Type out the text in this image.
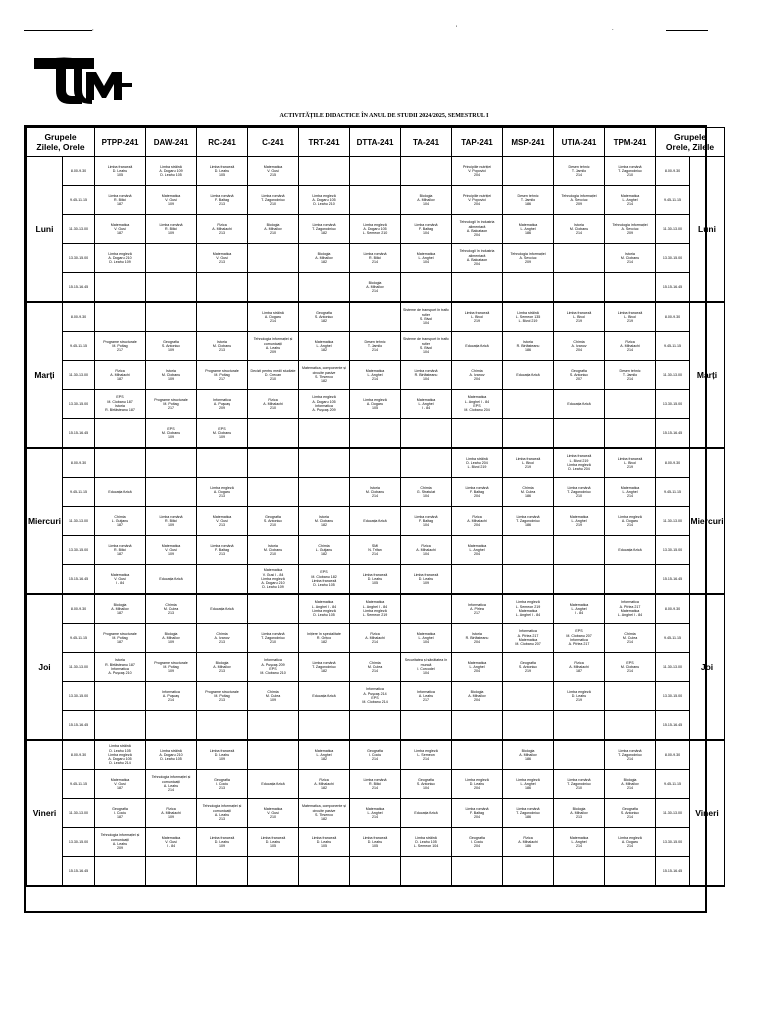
,	'	.
ACTIVITĂȚILE DIDACTICE ÎN ANUL DE STUDII 2024/2025, SEMESTRUL I
Grupele
Zilele, Orele		PTPP-241	DAW-241	RC-241	C-241	TRT-241	DTTA-241	TA-241	TAP-241	MSP-241	UTIA-241	TPM-241	Grupele
Orele, Zilele	

Luni	8.00-9.30	Limba franceză
D. Leahu
105	Limba străină
A. Dogaru 109
D. Leahu 105	Limba franceză
D. Leahu
105	Matematica
V. Gusi
215				Principiile nutriției
V. Popovici
204		Desen tehnic
T. Jamilo
214	Limba română
T. Zagorodniuc
210	8.00-9.30	Luni
	9.45-11.15	Limba română
R. Bilici
187	Matematica
V. Gusi
109	Limba română
F. Baltag
213	Limba română
T. Zagorodniuc
210	Limba engleză
A. Dogaru 105
D. Leahu 210		Biologia
A. Mihailov
104	Principiile nutriției
V. Popovici
204	Desen tehnic
T. Jamilo
186	Tehnologia informației
A. Sevciuc
209	Matematica
L. Anghel
214	9.45-11.15	
	11.30-13.00	Matematica
V. Gusi
187	Limba română
R. Bilici
109	Fizica
A. Mihalachi
213	Biologia
A. Mihailov
210	Limba română
T. Zagorodniuc
182	Limba engleză
A. Dogaru 105
L. Semeon 210	Limba română
F. Baltag
104	Tehnologii în industria alimentară
A. Balcataon
204	Matematica
L. Anghel
186	Istoria
M. Ciobanu
214	Tehnologia informației
A. Sevciuc
209	11.30-13.00	
	13.30-15.00	Limba engleză
A. Dogaru 210
D. Leahu 109		Matematica
V. Gusi
213		Biologia
A. Mihailov
182	Limba română
R. Bilici
214	Matematica
L. Anghel
104	Tehnologii în industria alimentară
A. Balcataon
204	Tehnologia informației
A. Sevciuc
209		Istoria
M. Ciobanu
214	13.30-15.00	
	15.15-16.45						Biologia
A. Mihailov
214						15.15-16.45	
Marți	8.00-9.30				Limba străină
A. Dogaru
214	Geografia
S. Antoniuc
182		Sisteme de transport în trafic rutier
S. Bivol
104	Limba franceză
L. Bivol
219	Limba străină
L. Semeon 135
L. Bivol 219	Limba franceză
L. Bivol
219	Limba franceză
L. Bivol
219	8.00-9.30	Marți
	9.45-11.15	Programe structurale
M. Poltag
217	Geografia
S. Antoniuc
109	Istoria
M. Ciobanu
213	Tehnologia informației și comunicații
A. Leahu
209	Matematica
L. Anghel
182	Desen tehnic
T. Jamilo
214	Sisteme de transport în trafic rutier
S. Bivol
104	Educația fizică	Istoria
R. Birtăsteanu
186	Chimia
A. Ivanov
204	Fizica
A. Mihalachi
214	9.45-11.15	
	11.30-13.00	Fizica
A. Mihalachi
187	Istoria
M. Ciobanu
109	Programe structurale
M. Poltag
217	Decizii pentru medii studiate
D. Crecan
210	Matematica, componente și circuite pasive
S. Tirsenco
182	Matematica
L. Anghel
214	Limba română
R. Birtăsteanu
104	Chimia
A. Ivanov
204	Educația fizică	Geografia
S. Antoniuc
207	Desen tehnic
T. Jamilo
214	11.30-13.00	
	13.30-15.00	EPS
M. Ciobanu 187
Istoria
R. Birtăsteanu 187	Programe structurale
M. Poltag
217	Informatica
A. Puşcaş
209	Fizica
A. Mihalachi
210	Limba engleză
A. Dogaru 105
Informatica
A. Puşcaş 209	Limba engleză
A. Dogaru
105	Matematica
L. Anghel
I - 84	Matematica
L. Anghel I - 84
EPS
M. Ciobanu 204		Educația fizică		13.30-15.00	
	15.15-16.45		EPS
M. Ciobanu
109	EPS
M. Ciobanu
109									15.15-16.45	
Miercuri	8.00-9.30								Limba străină
D. Leahu 204
L. Bivol 219	Limba franceză
L. Bivol
219	Limba franceză
L. Bivol 219
Limba engleză
D. Leahu 204	Limba franceză
L. Bivol
219	8.00-9.30	Miercuri
	9.45-11.15	Educația fizică		Limba engleză
A. Dogaru
213			Istoria
M. Ciobanu
214	Chimia
G. Stratulat
104	Limba română
F. Baltag
204	Chimia
M. Culea
186	Limba română
T. Zagorodniuc
210	Matematica
L. Anghel
214	9.45-11.15	
	11.30-13.00	Chimia
L. Gutjanu
187	Limba română
R. Bilici
109	Matematica
V. Gusi
213	Geografia
S. Antoniuc
210	Istoria
M. Ciobanu
182	Educația fizică	Limba română
F. Baltag
104	Fizica
A. Mihalachi
204	Limba română
T. Zagorodniuc
186	Matematica
L. Anghel
219	Limba engleză
A. Dogaru
214	11.30-13.00	
	13.30-15.00	Limba română
R. Bilici
187	Matematica
V. Gusi
109	Limba română
F. Baltag
213	Istoria
M. Ciobanu
210	Chimia
L. Gutjanu
182	SMI
N. Trifan
214	Fizica
A. Mihalachi
104	Matematica
L. Anghel
204			Educația fizică	13.30-15.00	
	15.15-16.45	Matematica
V. Gusi
I - 84	Educația fizică		Matematica
V. Gusi I - 84
Limba engleză
A. Dogaru 210
D. Leahu 109	EPS
M. Ciobanu 182
Limba franceză
D. Leahu 105	Limba franceză
D. Leahu
105	Limba franceză
D. Leahu
109					15.15-16.45	
Joi	8.00-9.30	Biologia
A. Mihailov
187	Chimia
M. Culea
213	Educația fizică		Matematica
L. Anghel I - 84
Limba engleză
D. Leahu 105	Matematica
L. Anghel I - 84
Limba engleză
L. Semeon 219		Informatica
A. Pîrlea
217	Limba engleză
L. Semeon 219
Matematica
L. Anghel I - 84	Matematica
L. Anghel
I - 84	Informatica
A. Pîrlea 217
Matematica
L. Anghel I - 84	8.00-9.30	Joi
	9.45-11.15	Programe structurale
M. Poltag
187	Biologia
A. Mihailov
109	Chimia
A. Ivanov
213	Limba română
T. Zagorodniuc
210	Inițiere în specialitate
R. Grițco
182	Fizica
A. Mihalachi
214	Matematica
L. Anghel
104	Istoria
R. Birtăsteanu
204	Informatica
A. Pîrlea 217
Matematica
M. Ciobanu 207	EPS
M. Ciobanu 207
Informatica
A. Pîrlea 217	Chimia
M. Culea
214	9.45-11.15	
	11.30-13.00	Istoria
R. Birtăsteanu 187
Informatica
A. Puşcaş 210	Programe structurale
M. Poltag
109	Biologia
A. Mihailov
213	Informatica
A. Puşcaş 209
EPS
M. Ciobanu 210	Limba română
T. Zagorodniuc
182	Chimia
M. Culea
214	Securitatea și sănătatea în muncă
I. Corcodel
104	Matematica
L. Anghel
204	Geografia
S. Antoniuc
219	Fizica
A. Mihalachi
187	EPS
M. Ciobanu
214	11.30-13.00	
	13.30-15.00		Informatica
A. Puşcaş
214	Programe structurale
M. Poltag
213	Chimia
M. Culea
109	Educația fizică	Informatica
A. Puşcaş 214
EPS
M. Ciobanu 214	Informatica
A. Leahu
217	Biologia
A. Mihailov
204		Limba engleză
D. Leahu
219		13.30-15.00	
	15.15-16.45												15.15-16.45	
Vineri	8.00-9.30	Limba străină
D. Leahu 105
Limba engleză
A. Dogaru 105
D. Leahu 214	Limba străină
A. Dogaru 210
D. Leahu 105	Limba franceză
D. Leahu
109		Matematica
L. Anghel
182	Geografia
I. Cociu
214	Limba engleză
L. Semeon
214		Biologia
A. Mihailov
186		Limba română
T. Zagorodniuc
214	8.00-9.30	Vineri
	9.45-11.15	Matematica
V. Gusi
187	Tehnologia informației și comunicații
A. Leahu
214	Geografia
I. Cociu
213	Educația fizică	Fizica
A. Mihalachi
182	Limba română
R. Bilici
214	Geografia
S. Antoniuc
104	Limba engleză
D. Leahu
204	Limba engleză
L. Anghel
186	Limba română
T. Zagorodniuc
210	Biologia
A. Mihailov
214	9.45-11.15	
	11.30-13.00	Geografia
I. Cociu
187	Fizica
A. Mihalachi
109	Tehnologia informației și comunicații
A. Leahu
213	Matematica
V. Gusi
210	Matematica, componente și circuite pasive
S. Tirsenco
182	Matematica
L. Anghel
214	Educația fizică	Limba română
F. Baltag
204	Limba română
T. Zagorodniuc
186	Biologia
A. Mihailov
213	Geografia
S. Antoniuc
214	11.30-13.00	
	13.30-15.00	Tehnologia informației și comunicații
A. Leahu
209	Matematica
V. Gusi
I - 84	Limba franceză
D. Leahu
109	Limba franceză
D. Leahu
105	Limba franceză
D. Leahu
105	Limba franceză
D. Leahu
105	Limba străină
D. Leahu 105
L. Semeon 104	Geografia
I. Cociu
204	Fizica
A. Mihalachi
186	Matematica
L. Anghel
214	Limba engleză
A. Dogaru
214	13.30-15.00	
	15.15-16.45												15.15-16.45	
